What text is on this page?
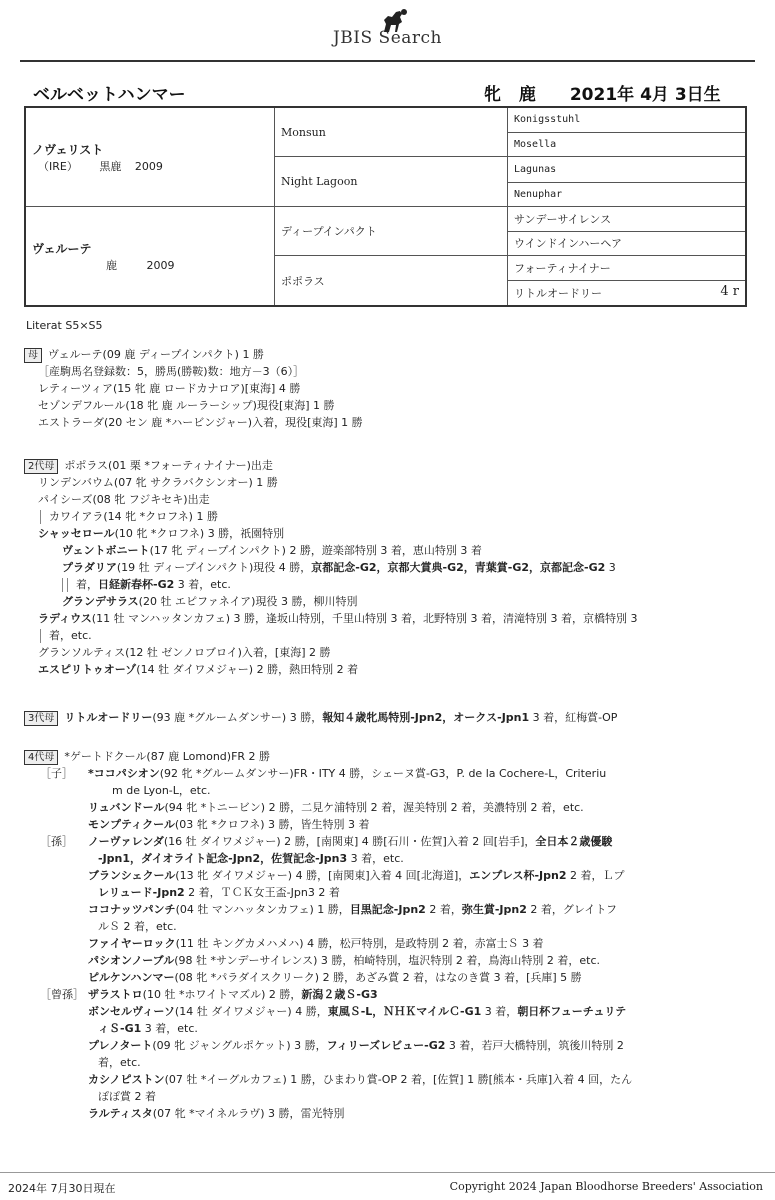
JBIS Search
ベルベットハンマー	牝 鹿 2021年 4月 3日生
ノヴェリスト
（IRE） 黒鹿 2009	Monsun	Konigsstuhl
		Mosella
	Night Lagoon	Lagunas
		Nenuphar

ヴェルーテ
鹿 2009	ディープインパクト	サンデーサイレンス
		ウインドインハーヘア
	ポポラス	フォーティナイナー
		リトルオードリー 4 r
Literat S5×S5
母 ヴェルーテ(09 鹿 ディープインパクト) 1 勝
［産駒馬名登録数：5，勝馬(勝鞍)数：地方－3（6）］
レティーツィア(15 牝 鹿 ロードカナロア)[東海] 4 勝
セゾンデフルール(18 牝 鹿 ルーラーシップ)現役[東海] 1 勝
エストラーダ(20 セン 鹿 *ハービンジャー)入着，現役[東海] 1 勝
2代母 ポポラス(01 栗 *フォーティナイナー)出走
リンデンバウム(07 牝 サクラバクシンオー) 1 勝
パイシーズ(08 牝 フジキセキ)出走
カワイアラ(14 牝 *クロフネ) 1 勝
シャッセロール(10 牝 *クロフネ) 3 勝，祇園特別
ヴェントボニート(17 牝 ディープインパクト) 2 勝，遊楽部特別 3 着，恵山特別 3 着
プラダリア(19 牡 ディープインパクト)現役 4 勝，京都記念-G2，京都大賞典-G2，青葉賞-G2，京都記念-G2 3
着，日経新春杯-G2 3 着，etc.
グランデサラス(20 牡 エピファネイア)現役 3 勝，柳川特別
ラディウス(11 牡 マンハッタンカフェ) 3 勝，逢坂山特別，千里山特別 3 着，北野特別 3 着，清滝特別 3 着，京橋特別 3
着，etc.
グランソルティス(12 牡 ゼンノロブロイ)入着，[東海] 2 勝
エスピリトゥオーゾ(14 牡 ダイワメジャー) 2 勝，熱田特別 2 着
3代母 リトルオードリー(93 鹿 *グルームダンサー) 3 勝，報知４歳牝馬特別-Jpn2，オークス-Jpn1 3 着，紅梅賞-OP
4代母 *ゲートドクール(87 鹿 Lomond)FR 2 勝
［子］ *ココパシオン(92 牝 *グルームダンサー)FR・ITY 4 勝，シェーヌ賞-G3，P. de la Cochere-L，Criteriu
m de Lyon-L，etc.
リュバンドール(94 牝 *トニービン) 2 勝，二見ケ浦特別 2 着，渥美特別 2 着，美濃特別 2 着，etc.
モンプティクール(03 牝 *クロフネ) 3 勝，皆生特別 3 着
［孫］ ノーヴァレンダ(16 牡 ダイワメジャー) 2 勝，[南関東] 4 勝[石川・佐賀]入着 2 回[岩手]，全日本２歳優駿
-Jpn1，ダイオライト記念-Jpn2，佐賀記念-Jpn3 3 着，etc.
ブランシェクール(13 牝 ダイワメジャー) 4 勝，[南関東]入着 4 回[北海道]，エンプレス杯-Jpn2 2 着，Ｌプ
レリュード-Jpn2 2 着，ＴＣＫ女王盃-Jpn3 2 着
ココナッツパンチ(04 牡 マンハッタンカフェ) 1 勝，目黒記念-Jpn2 2 着，弥生賞-Jpn2 2 着，グレイトフ
ルＳ 2 着，etc.
ファイヤーロック(11 牡 キングカメハメハ) 4 勝，松戸特別，是政特別 2 着，赤富士Ｓ 3 着
パシオンノーブル(98 牡 *サンデーサイレンス) 3 勝，柏崎特別，塩沢特別 2 着，鳥海山特別 2 着，etc.
ピルケンハンマー(08 牝 *パラダイスクリーク) 2 勝，あざみ賞 2 着，はなのき賞 3 着，[兵庫] 5 勝
［曾孫］ ザラストロ(10 牡 *ホワイトマズル) 2 勝，新潟２歳Ｓ-G3
ボンセルヴィーソ(14 牡 ダイワメジャー) 4 勝，東風Ｓ-L，ＮＨＫマイルＣ-G1 3 着，朝日杯フューチュリテ
ィＳ-G1 3 着，etc.
プレノタート(09 牝 ジャングルポケット) 3 勝，フィリーズレビュー-G2 3 着，若戸大橋特別，筑後川特別 2
着，etc.
カシノピストン(07 牡 *イーグルカフェ) 1 勝，ひまわり賞-OP 2 着，[佐賀] 1 勝[熊本・兵庫]入着 4 回，たん
ぽぽ賞 2 着
ラルティスタ(07 牝 *マイネルラヴ) 3 勝，雷光特別
2024年 7月30日現在	Copyright 2024 Japan Bloodhorse Breeders' Association
